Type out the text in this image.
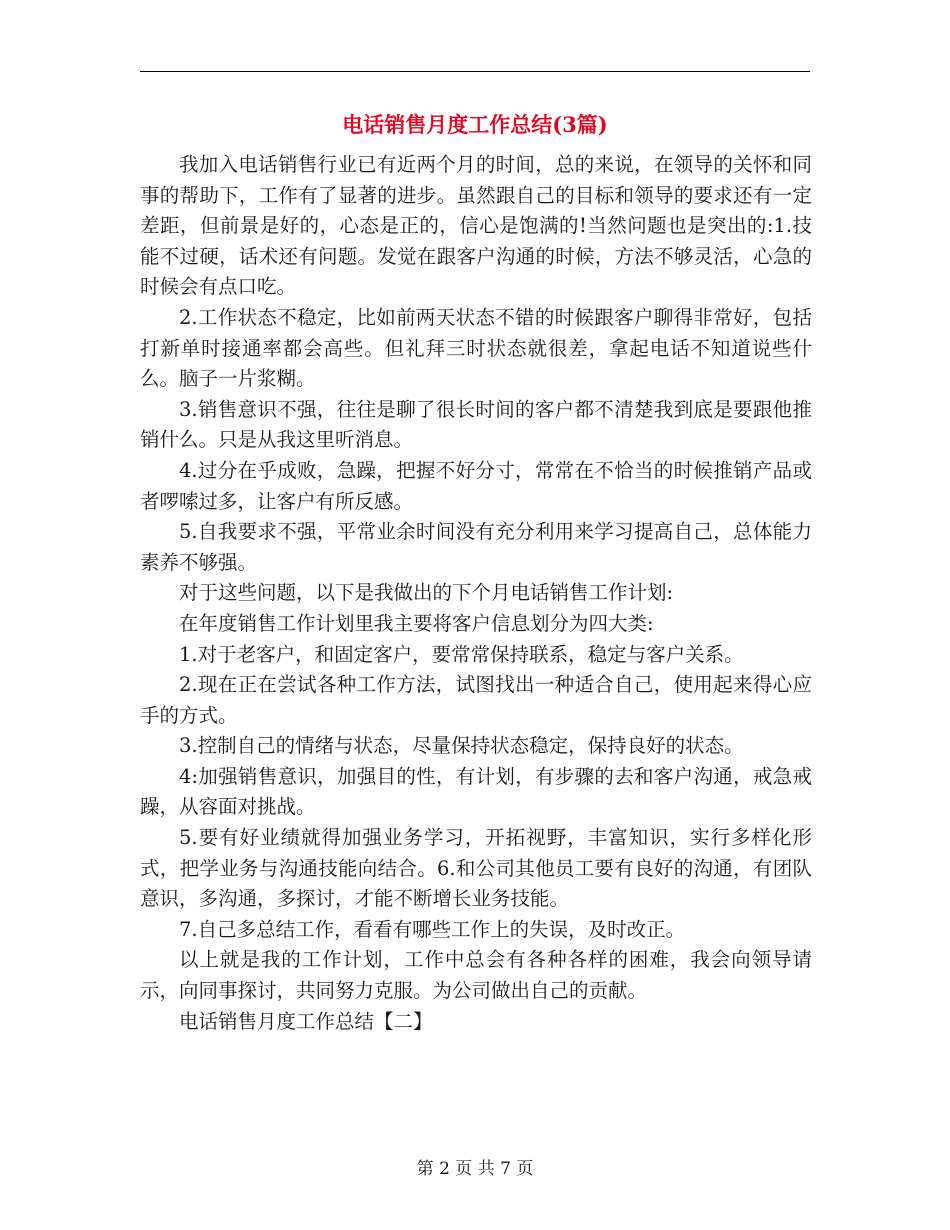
电话销售月度工作总结(3篇)

我加入电话销售行业已有近两个月的时间，总的来说，在领导的关怀和同事的帮助下，工作有了显著的进步。虽然跟自己的目标和领导的要求还有一定差距，但前景是好的，心态是正的，信心是饱满的!当然问题也是突出的:1.技能不过硬，话术还有问题。发觉在跟客户沟通的时候，方法不够灵活，心急的时候会有点口吃。

2.工作状态不稳定，比如前两天状态不错的时候跟客户聊得非常好，包括打新单时接通率都会高些。但礼拜三时状态就很差，拿起电话不知道说些什么。脑子一片浆糊。

3.销售意识不强，往往是聊了很长时间的客户都不清楚我到底是要跟他推销什么。只是从我这里听消息。

4.过分在乎成败，急躁，把握不好分寸，常常在不恰当的时候推销产品或者啰嗦过多，让客户有所反感。

5.自我要求不强，平常业余时间没有充分利用来学习提高自己，总体能力素养不够强。

对于这些问题，以下是我做出的下个月电话销售工作计划:

在年度销售工作计划里我主要将客户信息划分为四大类:

1.对于老客户，和固定客户，要常常保持联系，稳定与客户关系。

2.现在正在尝试各种工作方法，试图找出一种适合自己，使用起来得心应手的方式。

3.控制自己的情绪与状态，尽量保持状态稳定，保持良好的状态。

4:加强销售意识，加强目的性，有计划，有步骤的去和客户沟通，戒急戒躁，从容面对挑战。

5.要有好业绩就得加强业务学习，开拓视野，丰富知识，实行多样化形式，把学业务与沟通技能向结合。6.和公司其他员工要有良好的沟通，有团队意识，多沟通，多探讨，才能不断增长业务技能。

7.自己多总结工作，看看有哪些工作上的失误，及时改正。

以上就是我的工作计划，工作中总会有各种各样的困难，我会向领导请示，向同事探讨，共同努力克服。为公司做出自己的贡献。

电话销售月度工作总结【二】

第 2 页 共 7 页
